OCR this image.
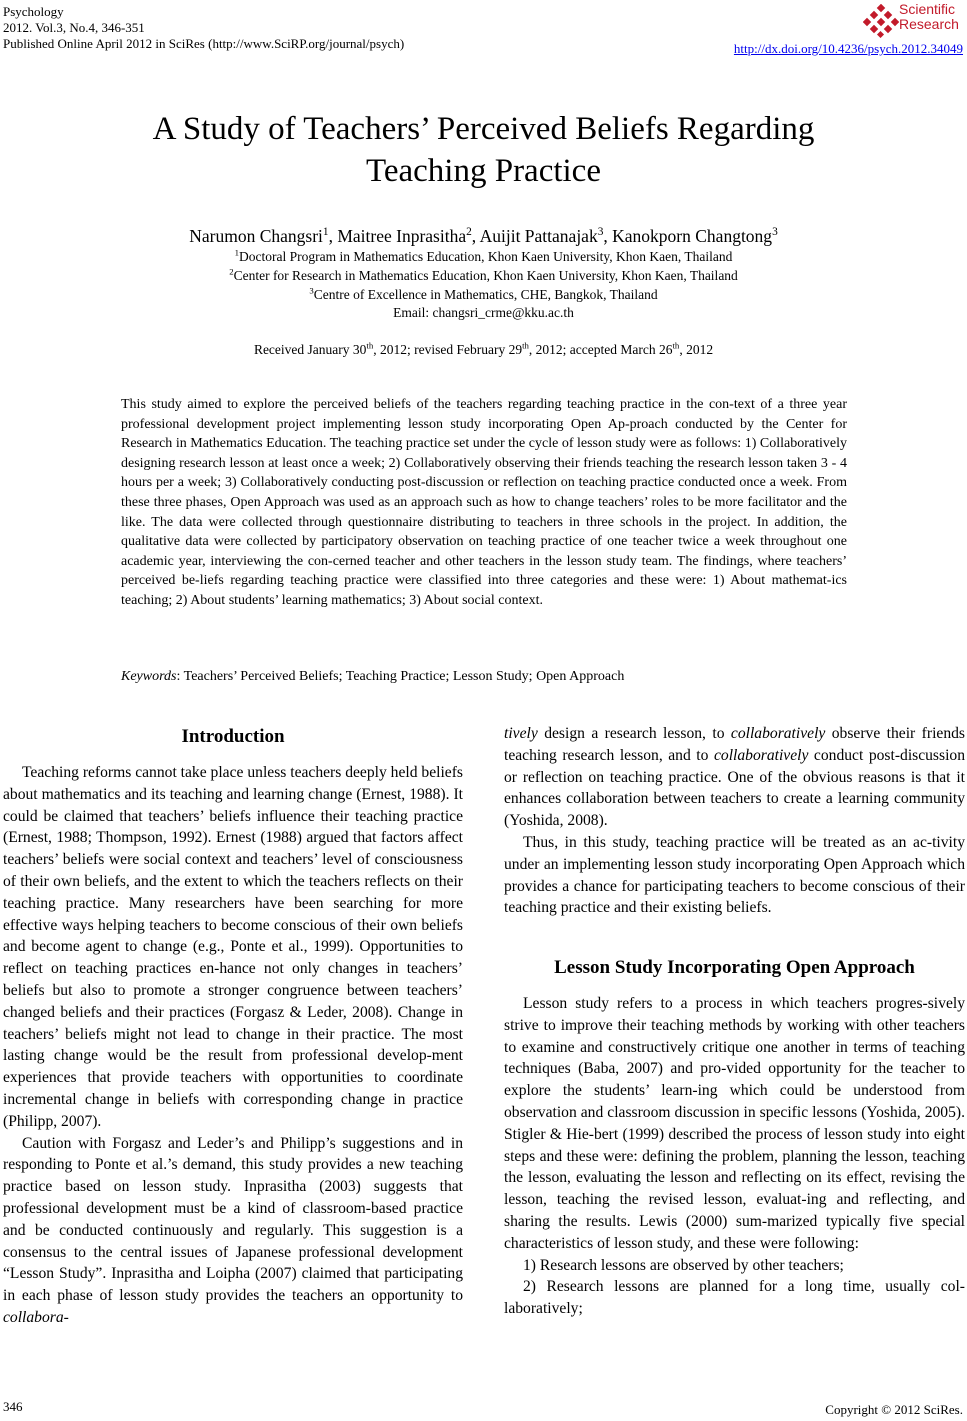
Psychology
2012. Vol.3, No.4, 346-351
Published Online April 2012 in SciRes (http://www.SciRP.org/journal/psych)
Scientific
Research
http://dx.doi.org/10.4236/psych.2012.34049
A Study of Teachers’ Perceived Beliefs Regarding
Teaching Practice
Narumon Changsri$^1$, Maitree Inprasitha$^2$, Auijit Pattanajak$^3$, Kanokporn Changtong$^3$
$^1$Doctoral Program in Mathematics Education, Khon Kaen University, Khon Kaen, Thailand
$^2$Center for Research in Mathematics Education, Khon Kaen University, Khon Kaen, Thailand
$^3$Centre of Excellence in Mathematics, CHE, Bangkok, Thailand
Email: changsri_crme@kku.ac.th
Received January 30th, 2012; revised February 29th, 2012; accepted March 26th, 2012
This study aimed to explore the perceived beliefs of the teachers regarding teaching practice in the con-text of a three year professional development project implementing lesson study incorporating Open Ap-proach conducted by the Center for Research in Mathematics Education. The teaching practice set under the cycle of lesson study were as follows: 1) Collaboratively designing research lesson at least once a week; 2) Collaboratively observing their friends teaching the research lesson taken 3 - 4 hours per a week; 3) Collaboratively conducting post-discussion or reflection on teaching practice conducted once a week. From these three phases, Open Approach was used as an approach such as how to change teachers’ roles to be more facilitator and the like. The data were collected through questionnaire distributing to teachers in three schools in the project. In addition, the qualitative data were collected by participatory observation on teaching practice of one teacher twice a week throughout one academic year, interviewing the con-cerned teacher and other teachers in the lesson study team. The findings, where teachers’ perceived be-liefs regarding teaching practice were classified into three categories and these were: 1) About mathemat-ics teaching; 2) About students’ learning mathematics; 3) About social context.
Keywords: Teachers’ Perceived Beliefs; Teaching Practice; Lesson Study; Open Approach
Introduction

Teaching reforms cannot take place unless teachers deeply held beliefs about mathematics and its teaching and learning change (Ernest, 1988). It could be claimed that teachers’ beliefs influence their teaching practice (Ernest, 1988; Thompson, 1992). Ernest (1988) argued that factors affect teachers’ beliefs were social context and teachers’ level of consciousness of their own beliefs, and the extent to which the teachers reflects on their teaching practice. Many researchers have been searching for more effective ways helping teachers to become conscious of their own beliefs and become agent to change (e.g., Ponte et al., 1999). Opportunities to reflect on teaching practices en-hance not only changes in teachers’ beliefs but also to promote a stronger congruence between teachers’ changed beliefs and their practices (Forgasz & Leder, 2008). Change in teachers’ beliefs might not lead to change in their practice. The most lasting change would be the result from professional develop-ment experiences that provide teachers with opportunities to coordinate incremental change in beliefs with corresponding change in practice (Philipp, 2007).

Caution with Forgasz and Leder’s and Philipp’s suggestions and in responding to Ponte et al.’s demand, this study provides a new teaching practice based on lesson study. Inprasitha (2003) suggests that professional development must be a kind of classroom-based practice and be conducted continuously and regularly. This suggestion is a consensus to the central issues of Japanese professional development “Lesson Study”. Inprasitha and Loipha (2007) claimed that participating in each phase of lesson study provides the teachers an opportunity to collabora-

tively design a research lesson, to collaboratively observe their friends teaching research lesson, and to collaboratively conduct post-discussion or reflection on teaching practice. One of the obvious reasons is that it enhances collaboration between teachers to create a learning community (Yoshida, 2008).

Thus, in this study, teaching practice will be treated as an ac-tivity under an implementing lesson study incorporating Open Approach which provides a chance for participating teachers to become conscious of their teaching practice and their existing beliefs.

Lesson Study Incorporating Open Approach

Lesson study refers to a process in which teachers progres-sively strive to improve their teaching methods by working with other teachers to examine and constructively critique one another in terms of teaching techniques (Baba, 2007) and pro-vided opportunity for the teacher to explore the students’ learn-ing which could be understood from observation and classroom discussion in specific lessons (Yoshida, 2005). Stigler & Hie-bert (1999) described the process of lesson study into eight steps and these were: defining the problem, planning the lesson, teaching the lesson, evaluating the lesson and reflecting on its effect, revising the lesson, teaching the revised lesson, evaluat-ing and reflecting, and sharing the results. Lewis (2000) sum-marized typically five special characteristics of lesson study, and these were following:

1) Research lessons are observed by other teachers;

2) Research lessons are planned for a long time, usually col-laboratively;

346	Copyright © 2012 SciRes.
